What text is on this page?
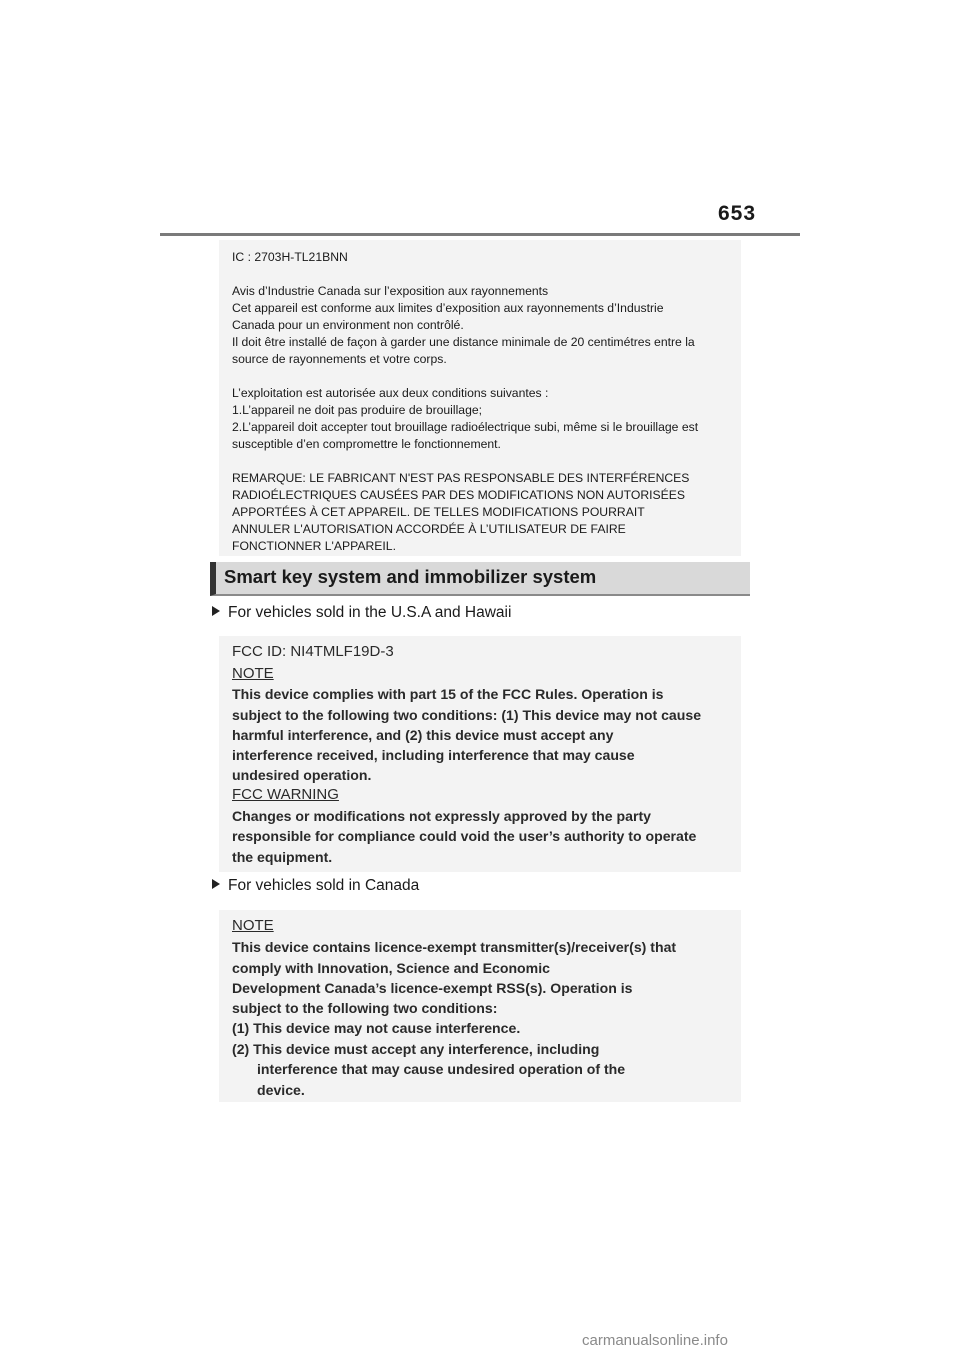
653
IC : 2703H-TL21BNN
Avis d’Industrie Canada sur l’exposition aux rayonnements
Cet appareil est conforme aux limites d’exposition aux rayonnements d’Industrie
Canada pour un environment non contrôlé.
Il doit être installé de façon à garder une distance minimale de 20 centimétres entre la
source de rayonnements et votre corps.
L’exploitation est autorisée aux deux conditions suivantes :
1.L’appareil ne doit pas produire de brouillage;
2.L’appareil doit accepter tout brouillage radioélectrique subi, même si le brouillage est
susceptible d’en compromettre le fonctionnement.
REMARQUE: LE FABRICANT N'EST PAS RESPONSABLE DES INTERFÉRENCES
RADIOÉLECTRIQUES CAUSÉES PAR DES MODIFICATIONS NON AUTORISÉES
APPORTÉES À CET APPAREIL. DE TELLES MODIFICATIONS POURRAIT
ANNULER L'AUTORISATION ACCORDÉE À L’UTILISATEUR DE FAIRE
FONCTIONNER L'APPAREIL.
Smart key system and immobilizer system
For vehicles sold in the U.S.A and Hawaii
FCC ID: NI4TMLF19D-3
NOTE
This device complies with part 15 of the FCC Rules. Operation is
subject to the following two conditions: (1) This device may not cause
harmful interference, and (2) this device must accept any
interference received, including interference that may cause
undesired operation.
FCC WARNING
Changes or modifications not expressly approved by the party
responsible for compliance could void the user’s authority to operate
the equipment.
For vehicles sold in Canada
NOTE
This device contains licence-exempt transmitter(s)/receiver(s) that
comply with Innovation, Science and Economic
Development Canada’s licence-exempt RSS(s). Operation is
subject to the following two conditions:
(1) This device may not cause interference.
(2) This device must accept any interference, including
interference that may cause undesired operation of the
device.
carmanualsonline.info
